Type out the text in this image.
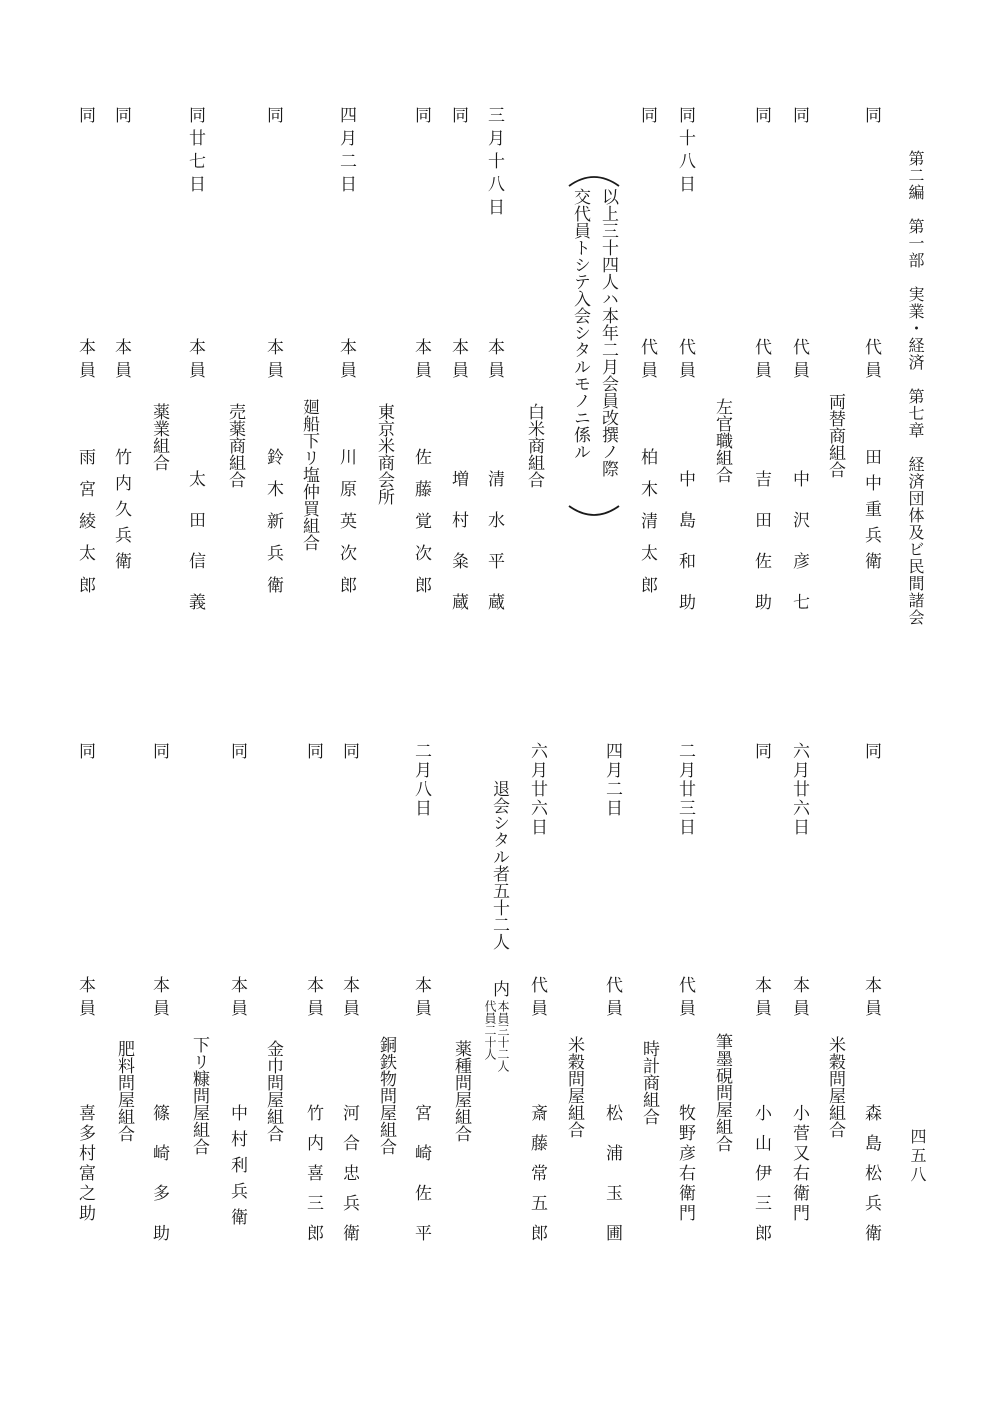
第二編　第一部　実業・経済　第七章　経済団体及ビ民間諸会
四五八
同
同
同
同十八日
同
三月十八日
同
同
四月二日
同
同廿七日
同
同
代員
代員
代員
代員
代員
本員
本員
本員
本員
本員
本員
本員
本員
田中重兵衛
中沢彦七
吉田佐助
中島和助
柏木清太郎
清水平蔵
増村粂蔵
佐藤覚次郎
川原英次郎
鈴木新兵衛
太田信義
竹内久兵衛
雨宮綾太郎
両替商組合
左官職組合
白米商組合
東京米商会所
廻船下リ塩仲買組合
売薬商組合
薬業組合	以上三十四人ハ本年二月会員改撰ノ際
交代員トシテ入会シタルモノニ係ル
同
六月廿六日
同
二月廿三日
四月二日
六月廿六日
二月八日
同
同
同
同
同
退会シタル者五十二人
内
本員三十二人
代員二十人
本員
本員
本員
代員
代員
代員
本員
本員
本員
本員
本員
本員
森島松兵衛
小菅又右衛門
小山伊三郎
牧野彦右衛門
松浦玉圃
斎藤常五郎
宮崎佐平
河合忠兵衛
竹内喜三郎
中村利兵衛
篠崎多助
喜多村富之助
米穀問屋組合
筆墨硯問屋組合
時計商組合
米穀問屋組合
薬種問屋組合
銅鉄物問屋組合
金巾問屋組合
下リ糠問屋組合
肥料問屋組合
